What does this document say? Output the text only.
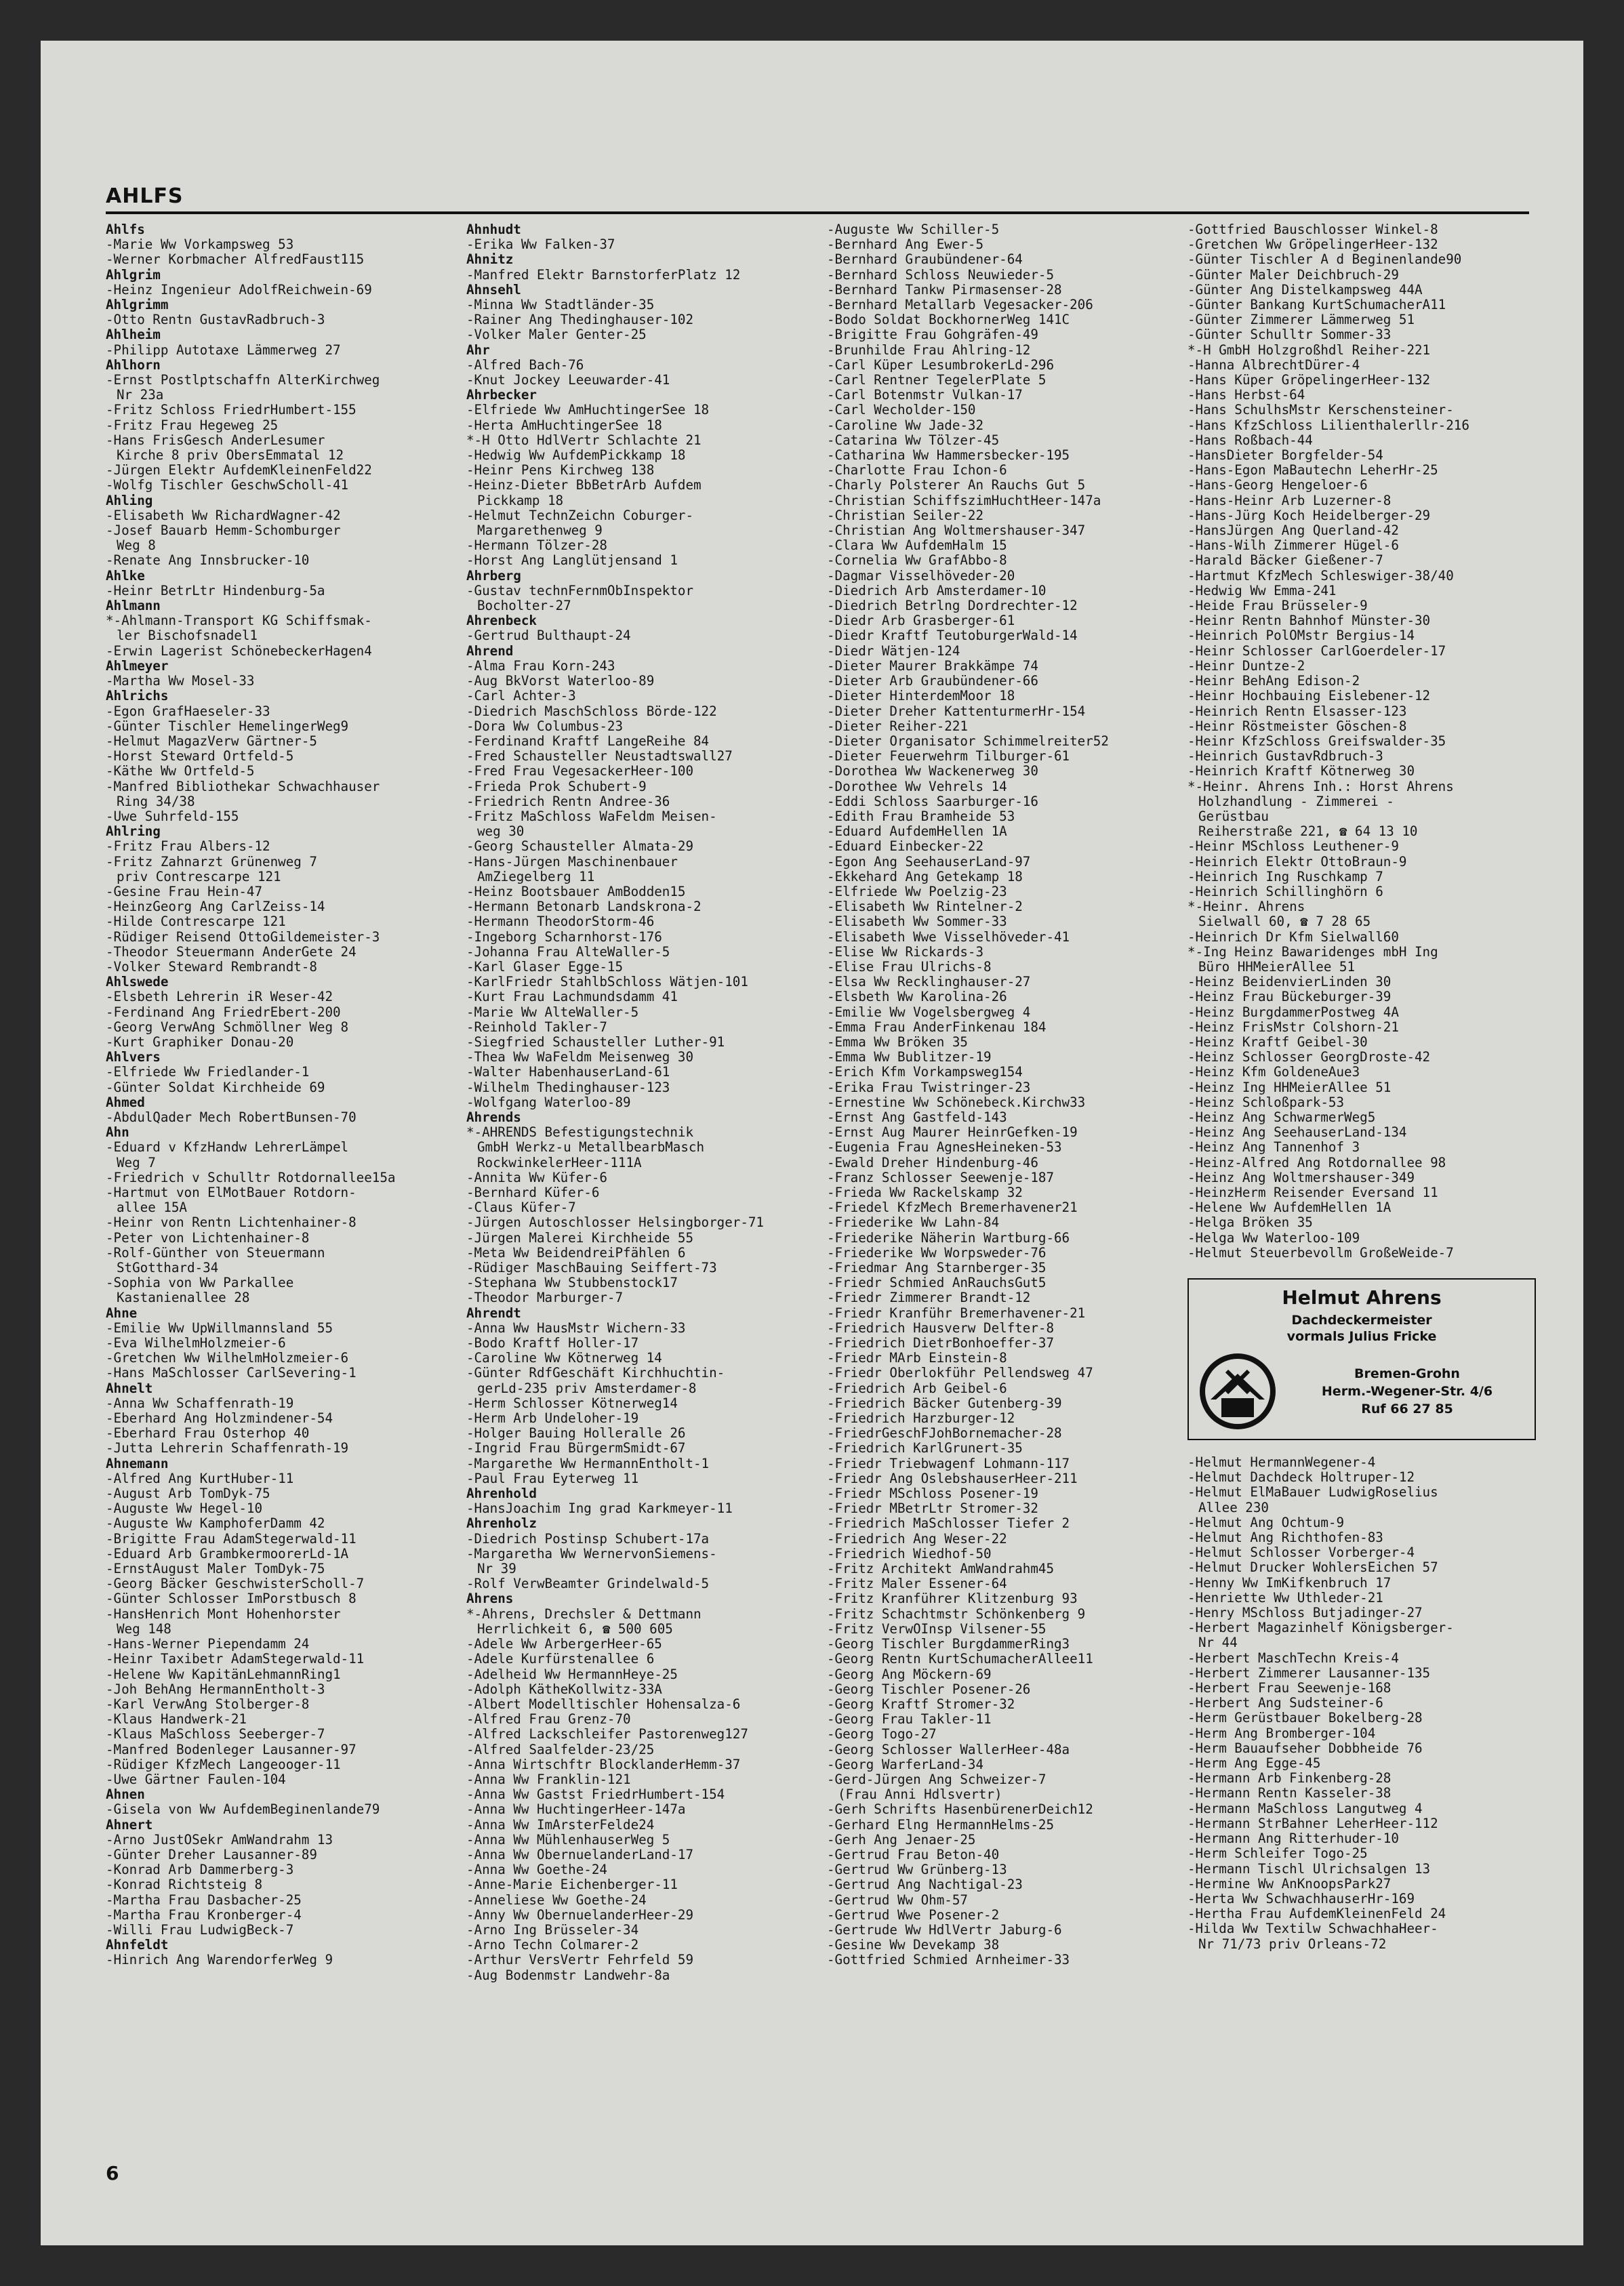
AHLFS
Ahlfs
-Marie Ww Vorkampsweg 53
-Werner Korbmacher AlfredFaust115
Ahlgrim
-Heinz Ingenieur AdolfReichwein-69
Ahlgrimm
-Otto Rentn GustavRadbruch-3
Ahlheim
-Philipp Autotaxe Lämmerweg 27
Ahlhorn
-Ernst Postlptschaffn AlterKirchweg
Nr 23a
-Fritz Schloss FriedrHumbert-155
-Fritz Frau Hegeweg 25
-Hans FrisGesch AnderLesumer
Kirche 8 priv ObersEmmatal 12
-Jürgen Elektr AufdemKleinenFeld22
-Wolfg Tischler GeschwScholl-41
Ahling
-Elisabeth Ww RichardWagner-42
-Josef Bauarb Hemm-Schomburger
Weg 8
-Renate Ang Innsbrucker-10
Ahlke
-Heinr BetrLtr Hindenburg-5a
Ahlmann
*-Ahlmann-Transport KG Schiffsmak-
ler Bischofsnadel1
-Erwin Lagerist SchönebeckerHagen4
Ahlmeyer
-Martha Ww Mosel-33
Ahlrichs
-Egon GrafHaeseler-33
-Günter Tischler HemelingerWeg9
-Helmut MagazVerw Gärtner-5
-Horst Steward Ortfeld-5
-Käthe Ww Ortfeld-5
-Manfred Bibliothekar Schwachhauser
Ring 34/38
-Uwe Suhrfeld-155
Ahlring
-Fritz Frau Albers-12
-Fritz Zahnarzt Grünenweg 7
priv Contrescarpe 121
-Gesine Frau Hein-47
-HeinzGeorg Ang CarlZeiss-14
-Hilde Contrescarpe 121
-Rüdiger Reisend OttoGildemeister-3
-Theodor Steuermann AnderGete 24
-Volker Steward Rembrandt-8
Ahlswede
-Elsbeth Lehrerin iR Weser-42
-Ferdinand Ang FriedrEbert-200
-Georg VerwAng Schmöllner Weg 8
-Kurt Graphiker Donau-20
Ahlvers
-Elfriede Ww Friedlander-1
-Günter Soldat Kirchheide 69
Ahmed
-AbdulQader Mech RobertBunsen-70
Ahn
-Eduard v KfzHandw LehrerLämpel
Weg 7
-Friedrich v Schulltr Rotdornallee15a
-Hartmut von ElMotBauer Rotdorn-
allee 15A
-Heinr von Rentn Lichtenhainer-8
-Peter von Lichtenhainer-8
-Rolf-Günther von Steuermann
StGotthard-34
-Sophia von Ww Parkallee
Kastanienallee 28
Ahne
-Emilie Ww UpWillmannsland 55
-Eva WilhelmHolzmeier-6
-Gretchen Ww WilhelmHolzmeier-6
-Hans MaSchlosser CarlSevering-1
Ahnelt
-Anna Ww Schaffenrath-19
-Eberhard Ang Holzmindener-54
-Eberhard Frau Osterhop 40
-Jutta Lehrerin Schaffenrath-19
Ahnemann
-Alfred Ang KurtHuber-11
-August Arb TomDyk-75
-Auguste Ww Hegel-10
-Auguste Ww KamphoferDamm 42
-Brigitte Frau AdamStegerwald-11
-Eduard Arb GrambkermoorerLd-1A
-ErnstAugust Maler TomDyk-75
-Georg Bäcker GeschwisterScholl-7
-Günter Schlosser ImPorstbusch 8
-HansHenrich Mont Hohenhorster
Weg 148
-Hans-Werner Piependamm 24
-Heinr Taxibetr AdamStegerwald-11
-Helene Ww KapitänLehmannRing1
-Joh BehAng HermannEntholt-3
-Karl VerwAng Stolberger-8
-Klaus Handwerk-21
-Klaus MaSchloss Seeberger-7
-Manfred Bodenleger Lausanner-97
-Rüdiger KfzMech Langeooger-11
-Uwe Gärtner Faulen-104
Ahnen
-Gisela von Ww AufdemBeginenlande79
Ahnert
-Arno JustOSekr AmWandrahm 13
-Günter Dreher Lausanner-89
-Konrad Arb Dammerberg-3
-Konrad Richtsteig 8
-Martha Frau Dasbacher-25
-Martha Frau Kronberger-4
-Willi Frau LudwigBeck-7
Ahnfeldt
-Hinrich Ang WarendorferWeg 9
Ahnhudt
-Erika Ww Falken-37
Ahnitz
-Manfred Elektr BarnstorferPlatz 12
Ahnsehl
-Minna Ww Stadtländer-35
-Rainer Ang Thedinghauser-102
-Volker Maler Genter-25
Ahr
-Alfred Bach-76
-Knut Jockey Leeuwarder-41
Ahrbecker
-Elfriede Ww AmHuchtingerSee 18
-Herta AmHuchtingerSee 18
*-H Otto HdlVertr Schlachte 21
-Hedwig Ww AufdemPickkamp 18
-Heinr Pens Kirchweg 138
-Heinz-Dieter BbBetrArb Aufdem
Pickkamp 18
-Helmut TechnZeichn Coburger-
Margarethenweg 9
-Hermann Tölzer-28
-Horst Ang Langlütjensand 1
Ahrberg
-Gustav technFernmObInspektor
Bocholter-27
Ahrenbeck
-Gertrud Bulthaupt-24
Ahrend
-Alma Frau Korn-243
-Aug BkVorst Waterloo-89
-Carl Achter-3
-Diedrich MaschSchloss Börde-122
-Dora Ww Columbus-23
-Ferdinand Kraftf LangeReihe 84
-Fred Schausteller Neustadtswall27
-Fred Frau VegesackerHeer-100
-Frieda Prok Schubert-9
-Friedrich Rentn Andree-36
-Fritz MaSchloss WaFeldm Meisen-
weg 30
-Georg Schausteller Almata-29
-Hans-Jürgen Maschinenbauer
AmZiegelberg 11
-Heinz Bootsbauer AmBodden15
-Hermann Betonarb Landskrona-2
-Hermann TheodorStorm-46
-Ingeborg Scharnhorst-176
-Johanna Frau AlteWaller-5
-Karl Glaser Egge-15
-KarlFriedr StahlbSchloss Wätjen-101
-Kurt Frau Lachmundsdamm 41
-Marie Ww AlteWaller-5
-Reinhold Takler-7
-Siegfried Schausteller Luther-91
-Thea Ww WaFeldm Meisenweg 30
-Walter HabenhauserLand-61
-Wilhelm Thedinghauser-123
-Wolfgang Waterloo-89
Ahrends
*-AHRENDS Befestigungstechnik
GmbH Werkz-u MetallbearbMasch
RockwinkelerHeer-111A
-Annita Ww Küfer-6
-Bernhard Küfer-6
-Claus Küfer-7
-Jürgen Autoschlosser Helsingborger-71
-Jürgen Malerei Kirchheide 55
-Meta Ww BeidendreiPfählen 6
-Rüdiger MaschBauing Seiffert-73
-Stephana Ww Stubbenstock17
-Theodor Marburger-7
Ahrendt
-Anna Ww HausMstr Wichern-33
-Bodo Kraftf Holler-17
-Caroline Ww Kötnerweg 14
-Günter RdfGeschäft Kirchhuchtin-
gerLd-235 priv Amsterdamer-8
-Herm Schlosser Kötnerweg14
-Herm Arb Undeloher-19
-Holger Bauing Holleralle 26
-Ingrid Frau BürgermSmidt-67
-Margarethe Ww HermannEntholt-1
-Paul Frau Eyterweg 11
Ahrenhold
-HansJoachim Ing grad Karkmeyer-11
Ahrenholz
-Diedrich Postinsp Schubert-17a
-Margaretha Ww WernervonSiemens-
Nr 39
-Rolf VerwBeamter Grindelwald-5
Ahrens
*-Ahrens, Drechsler & Dettmann
Herrlichkeit 6, ☎ 500 605
-Adele Ww ArbergerHeer-65
-Adele Kurfürstenallee 6
-Adelheid Ww HermannHeye-25
-Adolph KätheKollwitz-33A
-Albert Modelltischler Hohensalza-6
-Alfred Frau Grenz-70
-Alfred Lackschleifer Pastorenweg127
-Alfred Saalfelder-23/25
-Anna Wirtschftr BlocklanderHemm-37
-Anna Ww Franklin-121
-Anna Ww Gastst FriedrHumbert-154
-Anna Ww HuchtingerHeer-147a
-Anna Ww ImArsterFelde24
-Anna Ww MühlenhauserWeg 5
-Anna Ww ObernuelanderLand-17
-Anna Ww Goethe-24
-Anne-Marie Eichenberger-11
-Anneliese Ww Goethe-24
-Anny Ww ObernuelanderHeer-29
-Arno Ing Brüsseler-34
-Arno Techn Colmarer-2
-Arthur VersVertr Fehrfeld 59
-Aug Bodenmstr Landwehr-8a
-Auguste Ww Schiller-5
-Bernhard Ang Ewer-5
-Bernhard Graubündener-64
-Bernhard Schloss Neuwieder-5
-Bernhard Tankw Pirmasenser-28
-Bernhard Metallarb Vegesacker-206
-Bodo Soldat BockhornerWeg 141C
-Brigitte Frau Gohgräfen-49
-Brunhilde Frau Ahlring-12
-Carl Küper LesumbrokerLd-296
-Carl Rentner TegelerPlate 5
-Carl Botenmstr Vulkan-17
-Carl Wecholder-150
-Caroline Ww Jade-32
-Catarina Ww Tölzer-45
-Catharina Ww Hammersbecker-195
-Charlotte Frau Ichon-6
-Charly Polsterer An Rauchs Gut 5
-Christian SchiffszimHuchtHeer-147a
-Christian Seiler-22
-Christian Ang Woltmershauser-347
-Clara Ww AufdemHalm 15
-Cornelia Ww GrafAbbo-8
-Dagmar Visselhöveder-20
-Diedrich Arb Amsterdamer-10
-Diedrich Betrlng Dordrechter-12
-Diedr Arb Grasberger-61
-Diedr Kraftf TeutoburgerWald-14
-Diedr Wätjen-124
-Dieter Maurer Brakkämpe 74
-Dieter Arb Graubündener-66
-Dieter HinterdemMoor 18
-Dieter Dreher KattenturmerHr-154
-Dieter Reiher-221
-Dieter Organisator Schimmelreiter52
-Dieter Feuerwehrm Tilburger-61
-Dorothea Ww Wackenerweg 30
-Dorothee Ww Vehrels 14
-Eddi Schloss Saarburger-16
-Edith Frau Bramheide 53
-Eduard AufdemHellen 1A
-Eduard Einbecker-22
-Egon Ang SeehauserLand-97
-Ekkehard Ang Getekamp 18
-Elfriede Ww Poelzig-23
-Elisabeth Ww Rintelner-2
-Elisabeth Ww Sommer-33
-Elisabeth Wwe Visselhöveder-41
-Elise Ww Rickards-3
-Elise Frau Ulrichs-8
-Elsa Ww Recklinghauser-27
-Elsbeth Ww Karolina-26
-Emilie Ww Vogelsbergweg 4
-Emma Frau AnderFinkenau 184
-Emma Ww Bröken 35
-Emma Ww Bublitzer-19
-Erich Kfm Vorkampsweg154
-Erika Frau Twistringer-23
-Ernestine Ww Schönebeck.Kirchw33
-Ernst Ang Gastfeld-143
-Ernst Aug Maurer HeinrGefken-19
-Eugenia Frau AgnesHeineken-53
-Ewald Dreher Hindenburg-46
-Franz Schlosser Seewenje-187
-Frieda Ww Rackelskamp 32
-Friedel KfzMech Bremerhavener21
-Friederike Ww Lahn-84
-Friederike Näherin Wartburg-66
-Friederike Ww Worpsweder-76
-Friedmar Ang Starnberger-35
-Friedr Schmied AnRauchsGut5
-Friedr Zimmerer Brandt-12
-Friedr Kranführ Bremerhavener-21
-Friedrich Hausverw Delfter-8
-Friedrich DietrBonhoeffer-37
-Friedr MArb Einstein-8
-Friedr Oberlokführ Pellendsweg 47
-Friedrich Arb Geibel-6
-Friedrich Bäcker Gutenberg-39
-Friedrich Harzburger-12
-FriedrGeschFJohBornemacher-28
-Friedrich KarlGrunert-35
-Friedr Triebwagenf Lohmann-117
-Friedr Ang OslebshauserHeer-211
-Friedr MSchloss Posener-19
-Friedr MBetrLtr Stromer-32
-Friedrich MaSchlosser Tiefer 2
-Friedrich Ang Weser-22
-Friedrich Wiedhof-50
-Fritz Architekt AmWandrahm45
-Fritz Maler Essener-64
-Fritz Kranführer Klitzenburg 93
-Fritz Schachtmstr Schönkenberg 9
-Fritz VerwOInsp Vilsener-55
-Georg Tischler BurgdammerRing3
-Georg Rentn KurtSchumacherAllee11
-Georg Ang Möckern-69
-Georg Tischler Posener-26
-Georg Kraftf Stromer-32
-Georg Frau Takler-11
-Georg Togo-27
-Georg Schlosser WallerHeer-48a
-Georg WarferLand-34
-Gerd-Jürgen Ang Schweizer-7
(Frau Anni Hdlsvertr)
-Gerh Schrifts HasenbürenerDeich12
-Gerhard Elng HermannHelms-25
-Gerh Ang Jenaer-25
-Gertrud Frau Beton-40
-Gertrud Ww Grünberg-13
-Gertrud Ang Nachtigal-23
-Gertrud Ww Ohm-57
-Gertrud Wwe Posener-2
-Gertrude Ww HdlVertr Jaburg-6
-Gesine Ww Devekamp 38
-Gottfried Schmied Arnheimer-33
-Gottfried Bauschlosser Winkel-8
-Gretchen Ww GröpelingerHeer-132
-Günter Tischler A d Beginenlande90
-Günter Maler Deichbruch-29
-Günter Ang Distelkampsweg 44A
-Günter Bankang KurtSchumacherA11
-Günter Zimmerer Lämmerweg 51
-Günter Schulltr Sommer-33
*-H GmbH Holzgroßhdl Reiher-221
-Hanna AlbrechtDürer-4
-Hans Küper GröpelingerHeer-132
-Hans Herbst-64
-Hans SchulhsMstr Kerschensteiner-
-Hans KfzSchloss Lilienthalerllr-216
-Hans Roßbach-44
-HansDieter Borgfelder-54
-Hans-Egon MaBautechn LeherHr-25
-Hans-Georg Hengeloer-6
-Hans-Heinr Arb Luzerner-8
-Hans-Jürg Koch Heidelberger-29
-HansJürgen Ang Querland-42
-Hans-Wilh Zimmerer Hügel-6
-Harald Bäcker Gießener-7
-Hartmut KfzMech Schleswiger-38/40
-Hedwig Ww Emma-241
-Heide Frau Brüsseler-9
-Heinr Rentn Bahnhof Münster-30
-Heinrich PolOMstr Bergius-14
-Heinr Schlosser CarlGoerdeler-17
-Heinr Duntze-2
-Heinr BehAng Edison-2
-Heinr Hochbauing Eislebener-12
-Heinrich Rentn Elsasser-123
-Heinr Röstmeister Göschen-8
-Heinr KfzSchloss Greifswalder-35
-Heinrich GustavRdbruch-3
-Heinrich Kraftf Kötnerweg 30
*-Heinr. Ahrens Inh.: Horst Ahrens
Holzhandlung - Zimmerei -
Gerüstbau
Reiherstraße 221, ☎ 64 13 10
-Heinr MSchloss Leuthener-9
-Heinrich Elektr OttoBraun-9
-Heinrich Ing Ruschkamp 7
-Heinrich Schillinghörn 6
*-Heinr. Ahrens
Sielwall 60, ☎ 7 28 65
-Heinrich Dr Kfm Sielwall60
*-Ing Heinz Bawaridenges mbH Ing
Büro HHMeierAllee 51
-Heinz BeidenvierLinden 30
-Heinz Frau Bückeburger-39
-Heinz BurgdammerPostweg 4A
-Heinz FrisMstr Colshorn-21
-Heinz Kraftf Geibel-30
-Heinz Schlosser GeorgDroste-42
-Heinz Kfm GoldeneAue3
-Heinz Ing HHMeierAllee 51
-Heinz Schloßpark-53
-Heinz Ang SchwarmerWeg5
-Heinz Ang SeehauserLand-134
-Heinz Ang Tannenhof 3
-Heinz-Alfred Ang Rotdornallee 98
-Heinz Ang Woltmershauser-349
-HeinzHerm Reisender Eversand 11
-Helene Ww AufdemHellen 1A
-Helga Bröken 35
-Helga Ww Waterloo-109
-Helmut Steuerbevollm GroßeWeide-7
Helmut Ahrens
Dachdeckermeister
vormals Julius Fricke
Bremen-Grohn
Herm.-Wegener-Str. 4/6
Ruf 66 27 85
-Helmut HermannWegener-4
-Helmut Dachdeck Holtruper-12
-Helmut ElMaBauer LudwigRoselius
Allee 230
-Helmut Ang Ochtum-9
-Helmut Ang Richthofen-83
-Helmut Schlosser Vorberger-4
-Helmut Drucker WohlersEichen 57
-Henny Ww ImKifkenbruch 17
-Henriette Ww Uthleder-21
-Henry MSchloss Butjadinger-27
-Herbert Magazinhelf Königsberger-
Nr 44
-Herbert MaschTechn Kreis-4
-Herbert Zimmerer Lausanner-135
-Herbert Frau Seewenje-168
-Herbert Ang Sudsteiner-6
-Herm Gerüstbauer Bokelberg-28
-Herm Ang Bromberger-104
-Herm Bauaufseher Dobbheide 76
-Herm Ang Egge-45
-Hermann Arb Finkenberg-28
-Hermann Rentn Kasseler-38
-Hermann MaSchloss Langutweg 4
-Hermann StrBahner LeherHeer-112
-Hermann Ang Ritterhuder-10
-Herm Schleifer Togo-25
-Hermann Tischl Ulrichsalgen 13
-Hermine Ww AnKnoopsPark27
-Herta Ww SchwachhauserHr-169
-Hertha Frau AufdemKleinenFeld 24
-Hilda Ww Textilw SchwachhaHeer-
Nr 71/73 priv Orleans-72
6
